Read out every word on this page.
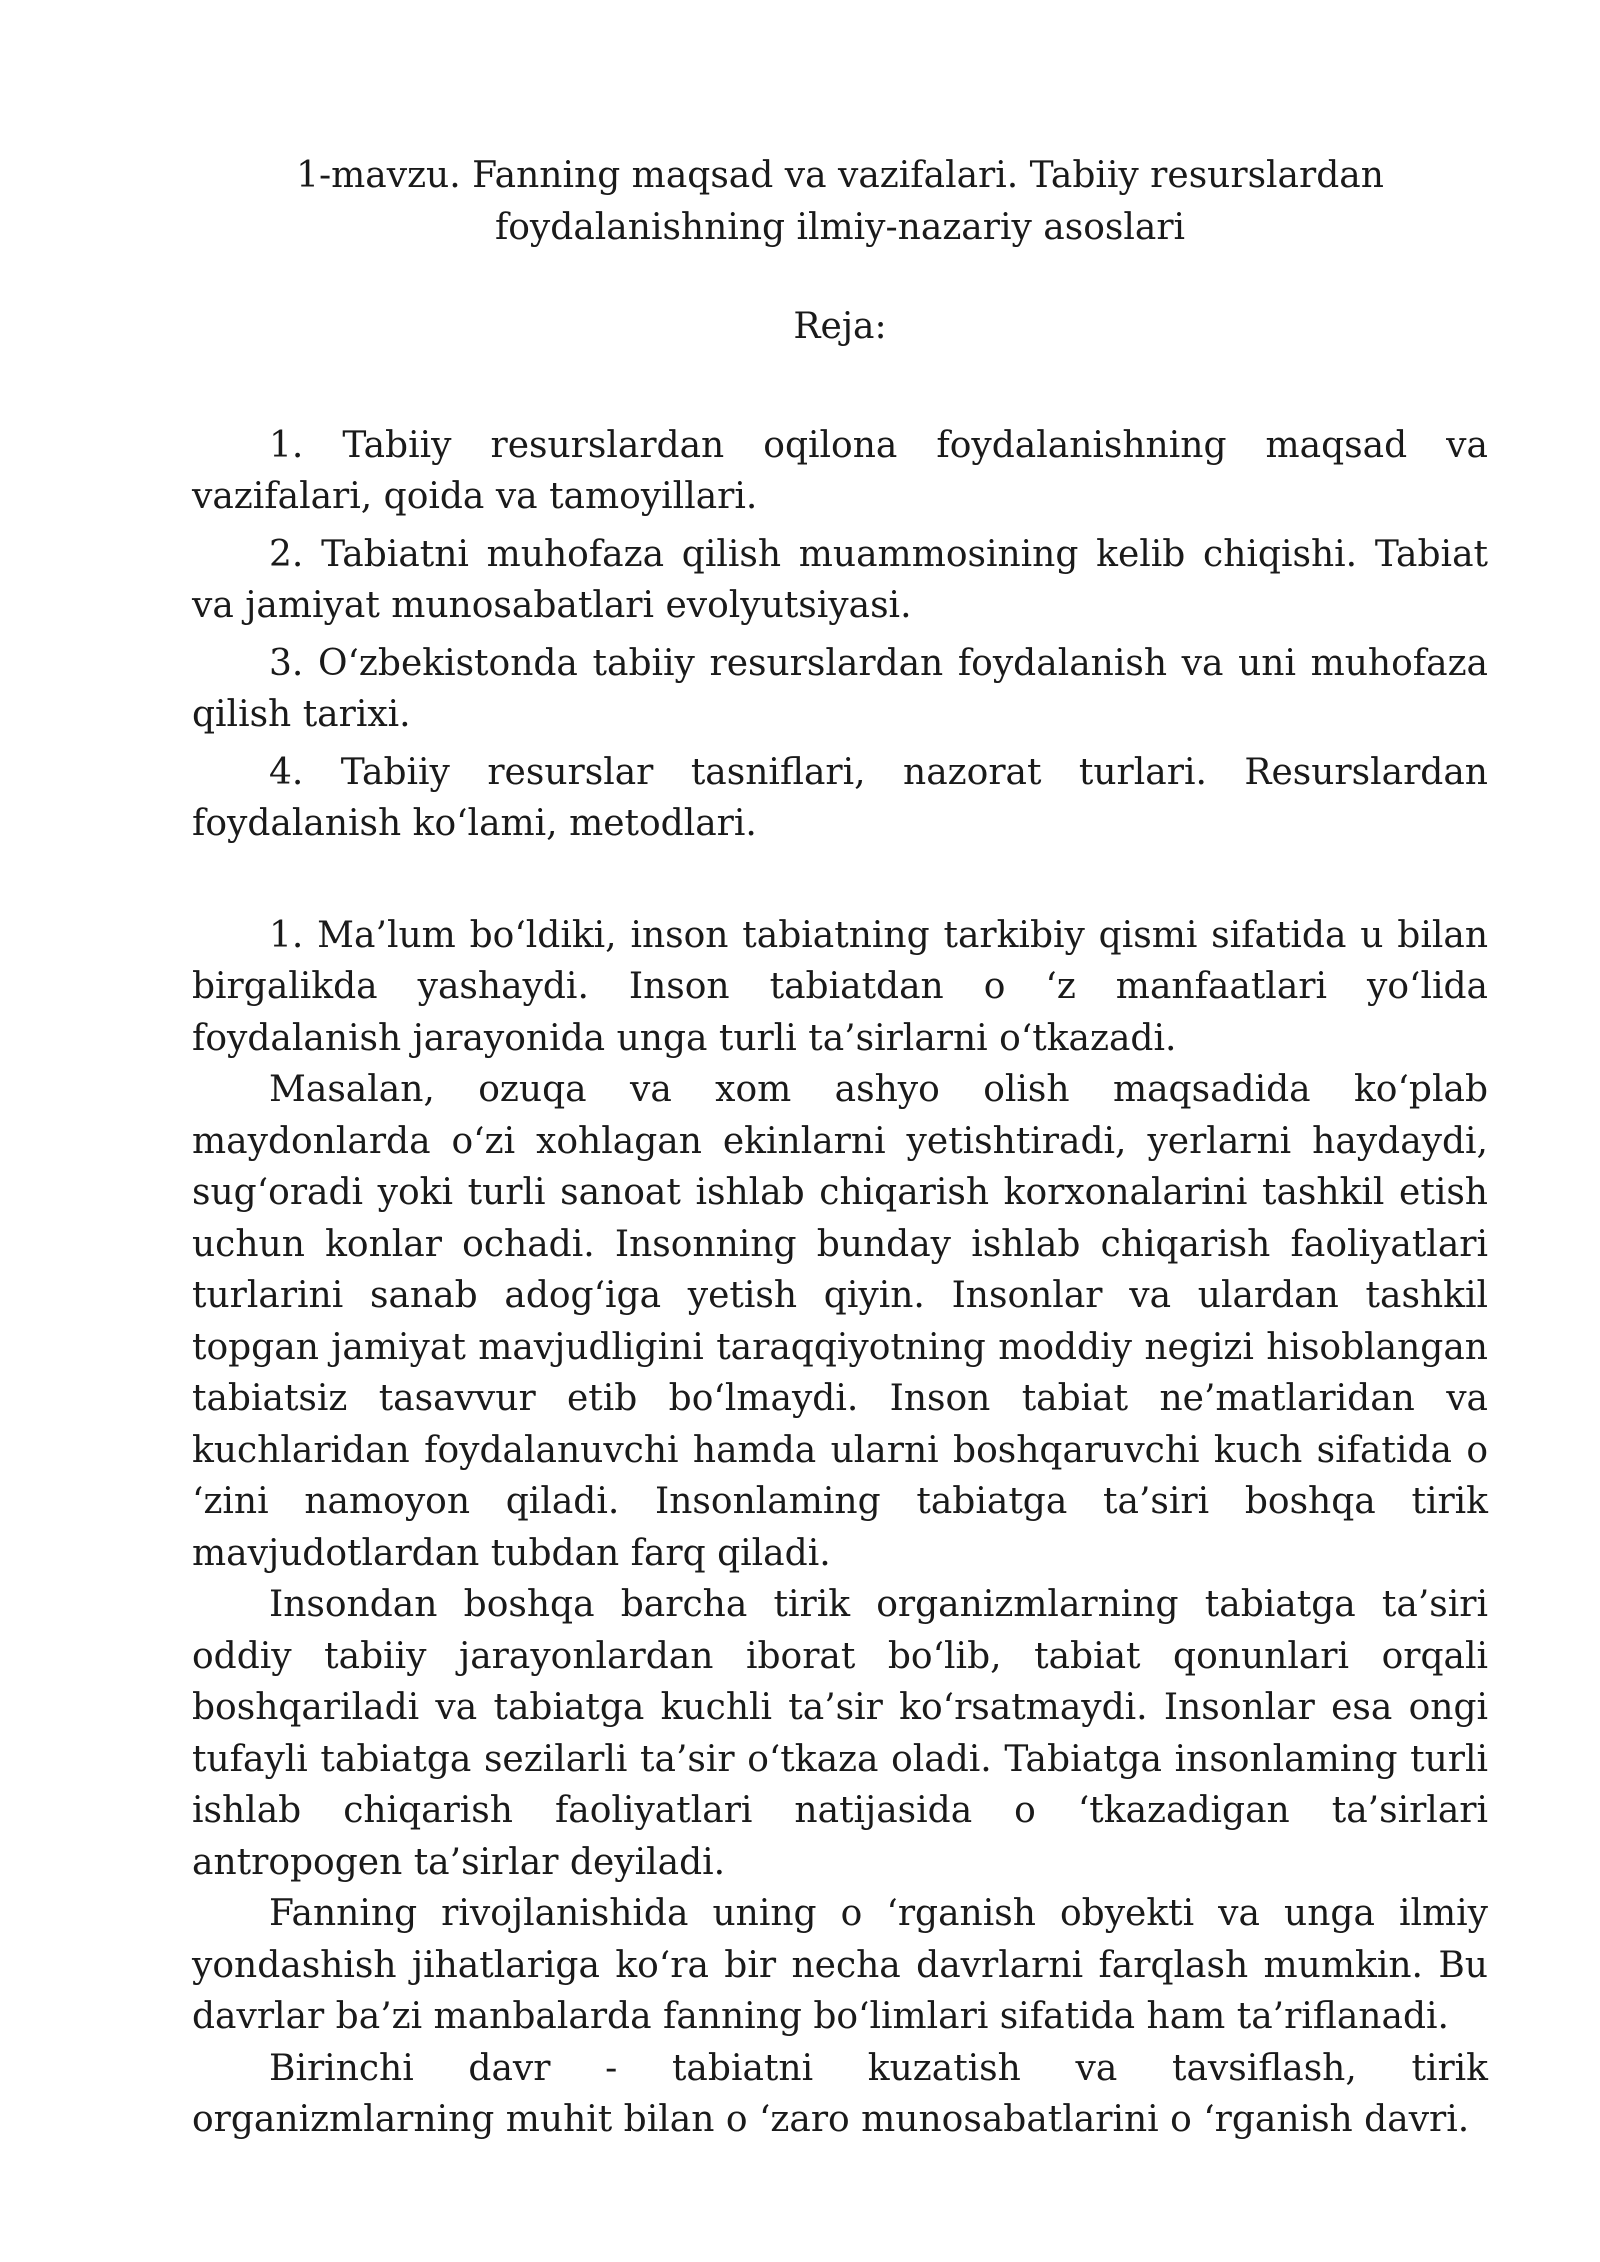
1-mavzu. Fanning maqsad va vazifalari. Tabiiy resurslardan
foydalanishning ilmiy-nazariy asoslari
Reja:
1. Tabiiy resurslardan oqilona foydalanishning maqsad va vazifalari, qoida va tamoyillari.
2. Tabiatni muhofaza qilish muammosining kelib chiqishi. Tabiat va jamiyat munosabatlari evolyutsiyasi.
3. O‘zbekistonda tabiiy resurslardan foydalanish va uni muhofaza qilish tarixi.
4. Tabiiy resurslar tasniflari, nazorat turlari. Resurslardan foydalanish ko‘lami, metodlari.

1. Ma’lum bo‘ldiki, inson tabiatning tarkibiy qismi sifatida u bilan birgalikda yashaydi. Inson tabiatdan o ‘z manfaatlari yo‘lida foydalanish jarayonida unga turli ta’sirlarni o‘tkazadi.

Masalan, ozuqa va xom ashyo olish maqsadida ko‘plab maydonlarda o‘zi xohlagan ekinlarni yetishtiradi, yerlarni haydaydi, sug‘oradi yoki turli sanoat ishlab chiqarish korxonalarini tashkil etish uchun konlar ochadi. Insonning bunday ishlab chiqarish faoliyatlari turlarini sanab adog‘iga yetish qiyin. Insonlar va ulardan tashkil topgan jamiyat mavjudligini taraqqiyotning moddiy negizi hisoblangan tabiatsiz tasavvur etib bo‘lmaydi. Inson tabiat ne’matlaridan va kuchlaridan foydalanuvchi hamda ularni boshqaruvchi kuch sifatida o ‘zini namoyon qiladi. Insonlaming tabiatga ta’siri boshqa tirik mavjudotlardan tubdan farq qiladi.

Insondan boshqa barcha tirik organizmlarning tabiatga ta’siri oddiy tabiiy jarayonlardan iborat bo‘lib, tabiat qonunlari orqali boshqariladi va tabiatga kuchli ta’sir ko‘rsatmaydi. Insonlar esa ongi tufayli tabiatga sezilarli ta’sir o‘tkaza oladi. Tabiatga insonlaming turli ishlab chiqarish faoliyatlari natijasida o ‘tkazadigan ta’sirlari antropogen ta’sirlar deyiladi.

Fanning rivojlanishida uning o ‘rganish obyekti va unga ilmiy yondashish jihatlariga ko‘ra bir necha davrlarni farqlash mumkin. Bu davrlar ba’zi manbalarda fanning bo‘limlari sifatida ham ta’riflanadi.

Birinchi davr - tabiatni kuzatish va tavsiflash, tirik organizmlarning muhit bilan o ‘zaro munosabatlarini o ‘rganish davri.
